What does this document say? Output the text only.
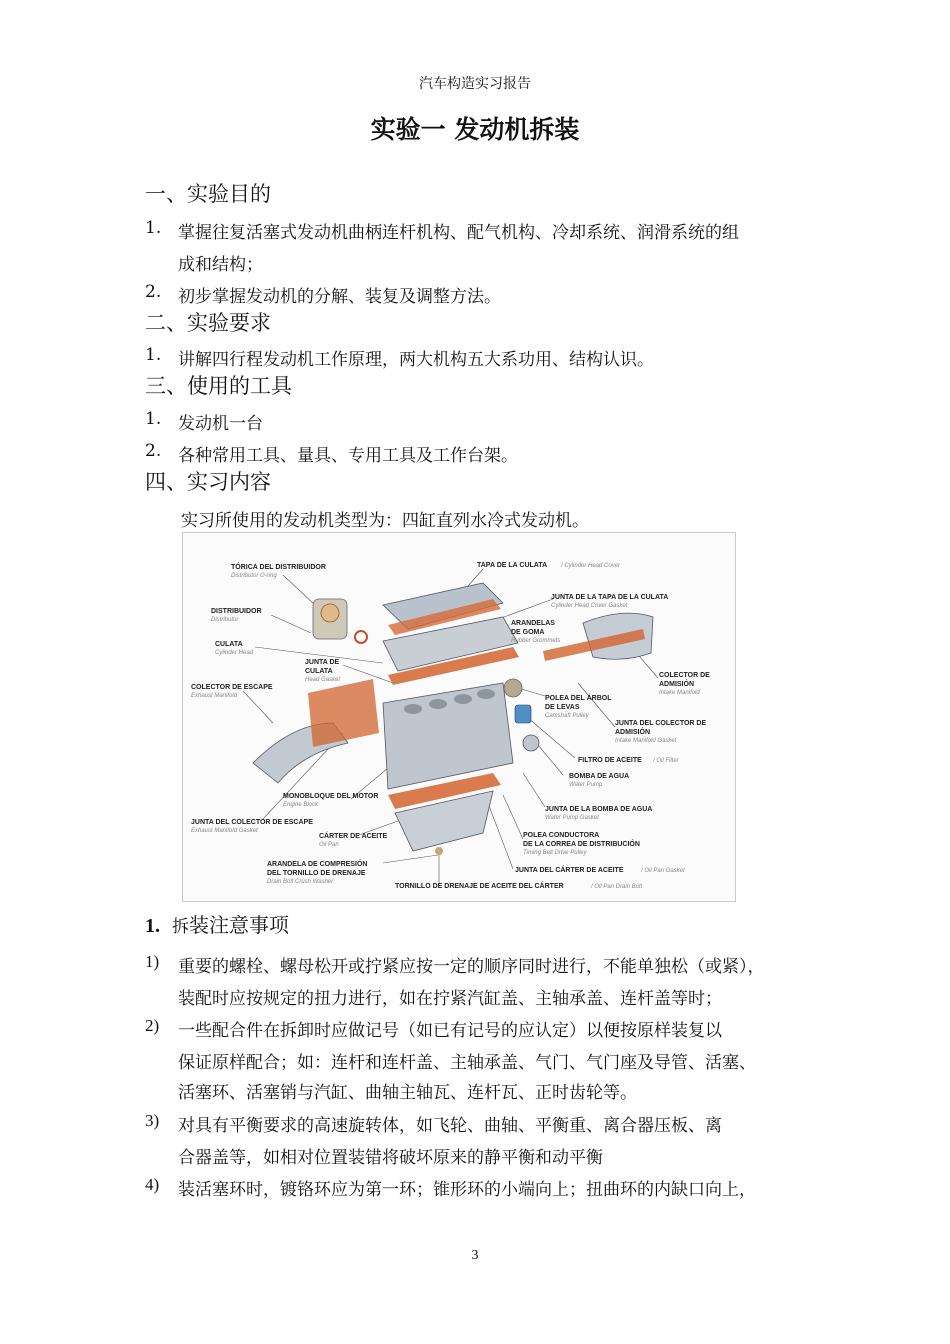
汽车构造实习报告
实验一 发动机拆装
一、实验目的
1. 掌握往复活塞式发动机曲柄连杆机构、配气机构、冷却系统、润滑系统的组
成和结构；
2. 初步掌握发动机的分解、装复及调整方法。
二、实验要求
1. 讲解四行程发动机工作原理，两大机构五大系功用、结构认识。
三、使用的工具
1. 发动机一台
2. 各种常用工具、量具、专用工具及工作台架。
四、实习内容
实习所使用的发动机类型为：四缸直列水冷式发动机。
TÓRICA DEL DISTRIBUIDOR
Distributor O-ring
DISTRIBUIDOR
Distributor
CULATA
Cylinder Head
JUNTA DE
CULATA
Head Gasket
COLECTOR DE ESCAPE
Exhaust Manifold
TAPA DE LA CULATA / Cylinder Head Cover
JUNTA DE LA TAPA DE LA CULATA
Cylinder Head Cover Gasket
ARANDELAS
DE GOMA
Rubber Grommets
COLECTOR DE
ADMISIÓN
Intake Manifold
POLEA DEL ÁRBOL
DE LEVAS
Camshaft Pulley
JUNTA DEL COLECTOR DE
ADMISIÓN
Intake Manifold Gasket
FILTRO DE ACEITE / Oil Filter
BOMBA DE AGUA
Water Pump
MONOBLOQUE DEL MOTOR
Engine Block
JUNTA DE LA BOMBA DE AGUA
Water Pump Gasket
JUNTA DEL COLECTOR DE ESCAPE
Exhaust Manifold Gasket
CÁRTER DE ACEITE
Oil Pan
POLEA CONDUCTORA
DE LA CORREA DE DISTRIBUCIÓN
Timing Belt Drive Pulley
ARANDELA DE COMPRESIÓN
DEL TORNILLO DE DRENAJE
Drain Bolt Crush Washer
JUNTA DEL CÁRTER DE ACEITE	/ Oil Pan Gasket
TORNILLO DE DRENAJE DE ACEITE DEL CÁRTER	/ Oil Pan Drain Bolt
1. 拆装注意事项
1) 重要的螺栓、螺母松开或拧紧应按一定的顺序同时进行，不能单独松（或紧），
装配时应按规定的扭力进行，如在拧紧汽缸盖、主轴承盖、连杆盖等时；
2) 一些配合件在拆卸时应做记号（如已有记号的应认定）以便按原样装复以
保证原样配合；如：连杆和连杆盖、主轴承盖、气门、气门座及导管、活塞、
活塞环、活塞销与汽缸、曲轴主轴瓦、连杆瓦、正时齿轮等。
3) 对具有平衡要求的高速旋转体，如飞轮、曲轴、平衡重、离合器压板、离
合器盖等，如相对位置装错将破坏原来的静平衡和动平衡
4) 装活塞环时，镀铬环应为第一环；锥形环的小端向上；扭曲环的内缺口向上，
3
